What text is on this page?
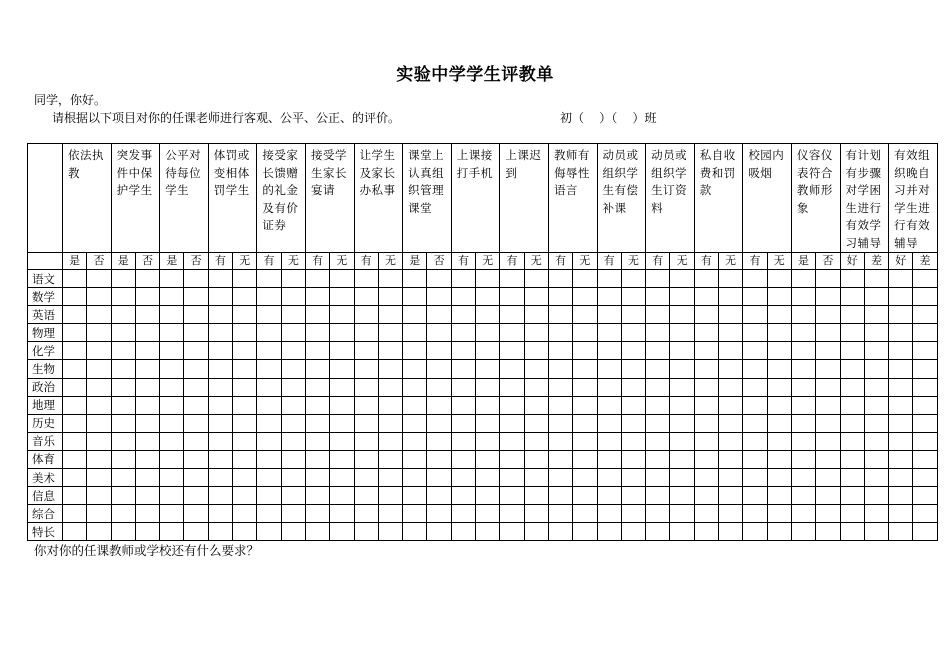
实验中学学生评教单
同学，你好。
请根据以下项目对你的任课老师进行客观、公平、公正、的评价。	初（    ）（    ）班
	依法执教		突发事件中保护学生		公平对待每位学生		体罚或变相体罚学生		接受家长馈赠的礼金及有价证券		接受学生家长宴请		让学生及家长办私事		课堂上认真组织管理课堂		上课接打手机		上课迟到		教师有侮辱性语言		动员或组织学生有偿补课		动员或组织学生订资料		私自收费和罚款		校园内吸烟		仪容仪表符合教师形象		有计划有步骤对学困生进行有效学习辅导		有效组织晚自习并对学生进行有效辅导	
	是	否	是	否	是	否	有	无	有	无	有	无	有	无	是	否	有	无	有	无	有	无	有	无	有	无	有	无	有	无	是	否	好	差	好	差
语文																																				
数学																																				
英语																																				
物理																																				
化学																																				
生物																																				
政治																																				
地理																																				
历史																																				
音乐																																				
体育																																				
美术																																				
信息																																				
综合																																				
特长																																				
你对你的任课教师或学校还有什么要求？
